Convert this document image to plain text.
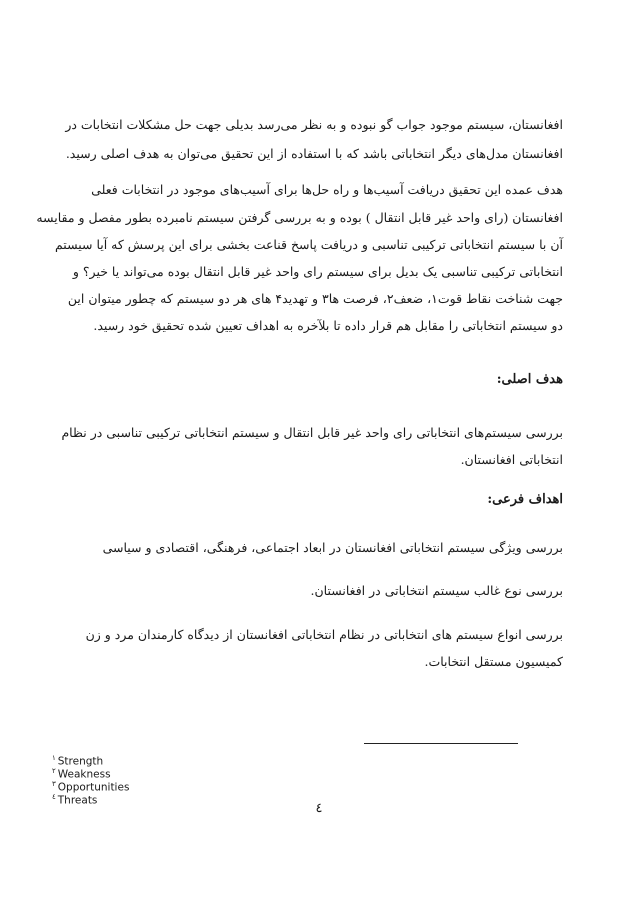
افغانستان، سیستم موجود جواب گو نبوده و به نظر می‌رسد بدیلی جهت حل مشکلات انتخابات در
افغانستان مدل‌های دیگر انتخاباتی باشد که با استفاده از این تحقیق می‌توان به هدف اصلی رسید.
هدف عمده این تحقیق دریافت آسیب‌ها و راه حل‌ها برای آسیب‌های موجود در انتخابات فعلی
افغانستان (رای واحد غیر قابل انتقال ) بوده و به بررسی گرفتن سیستم نامبرده بطور مفصل و مقایسه
آن با سیستم انتخاباتی ترکیبی تناسبی و دریافت پاسخ قناعت بخشی برای این پرسش که آیا سیستم
انتخاباتی ترکیبی تناسبی یک بدیل برای سیستم رای واحد غیر قابل انتقال بوده می‌تواند یا خیر؟ و
جهت شناخت نقاط قوت۱، ضعف۲، فرصت ها۳ و تهدید۴ های هر دو سیستم که چطور میتوان این
دو سیستم انتخاباتی را مقابل هم قرار داده تا بلآخره به اهداف تعیین شده تحقیق خود رسید.
هدف اصلی:
بررسی سیستم‌های انتخاباتی رای واحد غیر قابل انتقال و سیستم انتخاباتی ترکیبی تناسبی در نظام
انتخاباتی افغانستان.
اهداف فرعی:
بررسی ویژگی سیستم انتخاباتی افغانستان در ابعاد اجتماعی، فرهنگی، اقتصادی و سیاسی
بررسی نوع غالب سیستم انتخاباتی در افغانستان.
بررسی انواع سیستم های انتخاباتی در نظام انتخاباتی افغانستان از دیدگاه کارمندان مرد و زن
کمیسیون مستقل انتخابات.
$^١$ Strength
$^٢$ Weakness
$^٣$ Opportunities
$^٤$ Threats
٤
